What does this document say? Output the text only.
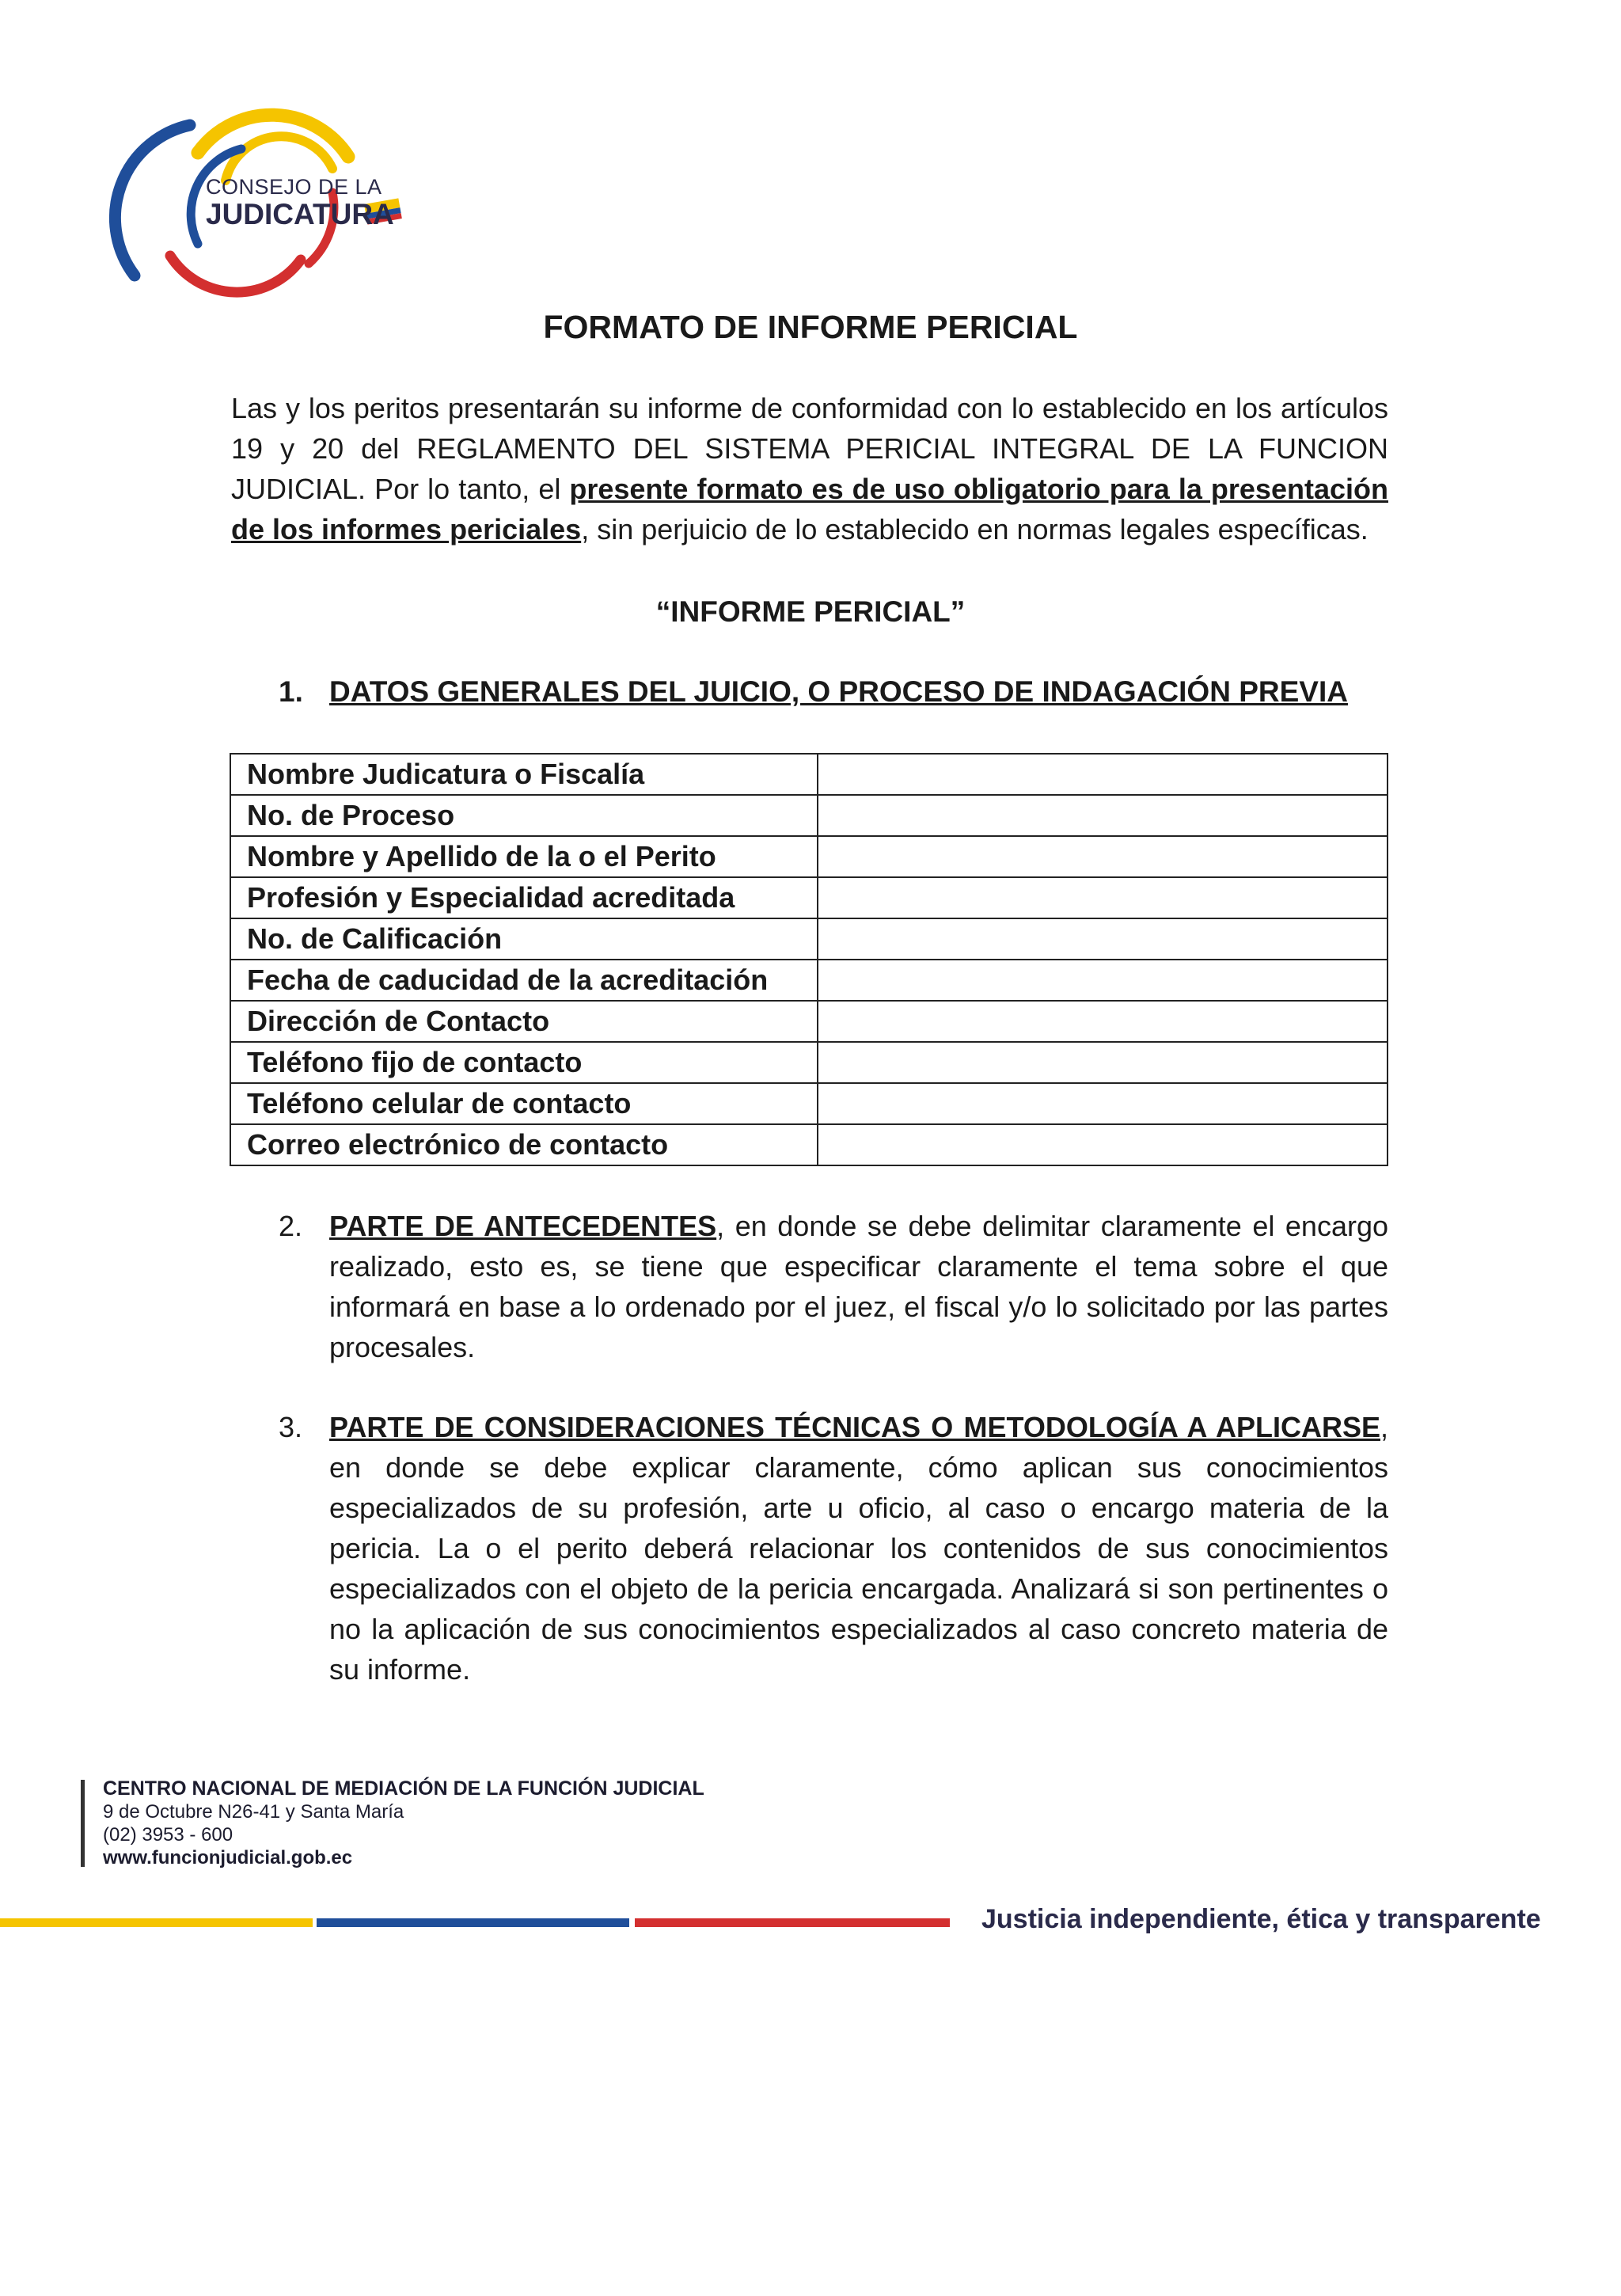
CONSEJO DE LA
JUDICATURA
FORMATO DE INFORME PERICIAL
Las y los peritos presentarán su informe de conformidad con lo establecido en los artículos 19 y 20 del REGLAMENTO DEL SISTEMA PERICIAL INTEGRAL DE LA FUNCION JUDICIAL. Por lo tanto, el presente formato es de uso obligatorio para la presentación de los informes periciales, sin perjuicio de lo establecido en normas legales específicas.
“INFORME PERICIAL”
1. DATOS GENERALES DEL JUICIO, O PROCESO DE INDAGACIÓN PREVIA
Nombre Judicatura o Fiscalía	
No. de Proceso	
Nombre y Apellido de la o el Perito	
Profesión y Especialidad acreditada	
No. de Calificación	
Fecha de caducidad de la acreditación	
Dirección de Contacto	
Teléfono fijo de contacto	
Teléfono celular de contacto	
Correo electrónico de contacto	
2. PARTE DE ANTECEDENTES, en donde se debe delimitar claramente el encargo realizado, esto es, se tiene que especificar claramente el tema sobre el que informará en base a lo ordenado por el juez, el fiscal y/o lo solicitado por las partes procesales.
3. PARTE DE CONSIDERACIONES TÉCNICAS O METODOLOGÍA A APLICARSE, en donde se debe explicar claramente, cómo aplican sus conocimientos especializados de su profesión, arte u oficio, al caso o encargo materia de la pericia. La o el perito deberá relacionar los contenidos de sus conocimientos especializados con el objeto de la pericia encargada. Analizará si son pertinentes o no la aplicación de sus conocimientos especializados al caso concreto materia de su informe.
CENTRO NACIONAL DE MEDIACIÓN DE LA FUNCIÓN JUDICIAL
9 de Octubre N26-41 y Santa María
(02) 3953 - 600
www.funcionjudicial.gob.ec
Justicia independiente, ética y transparente
